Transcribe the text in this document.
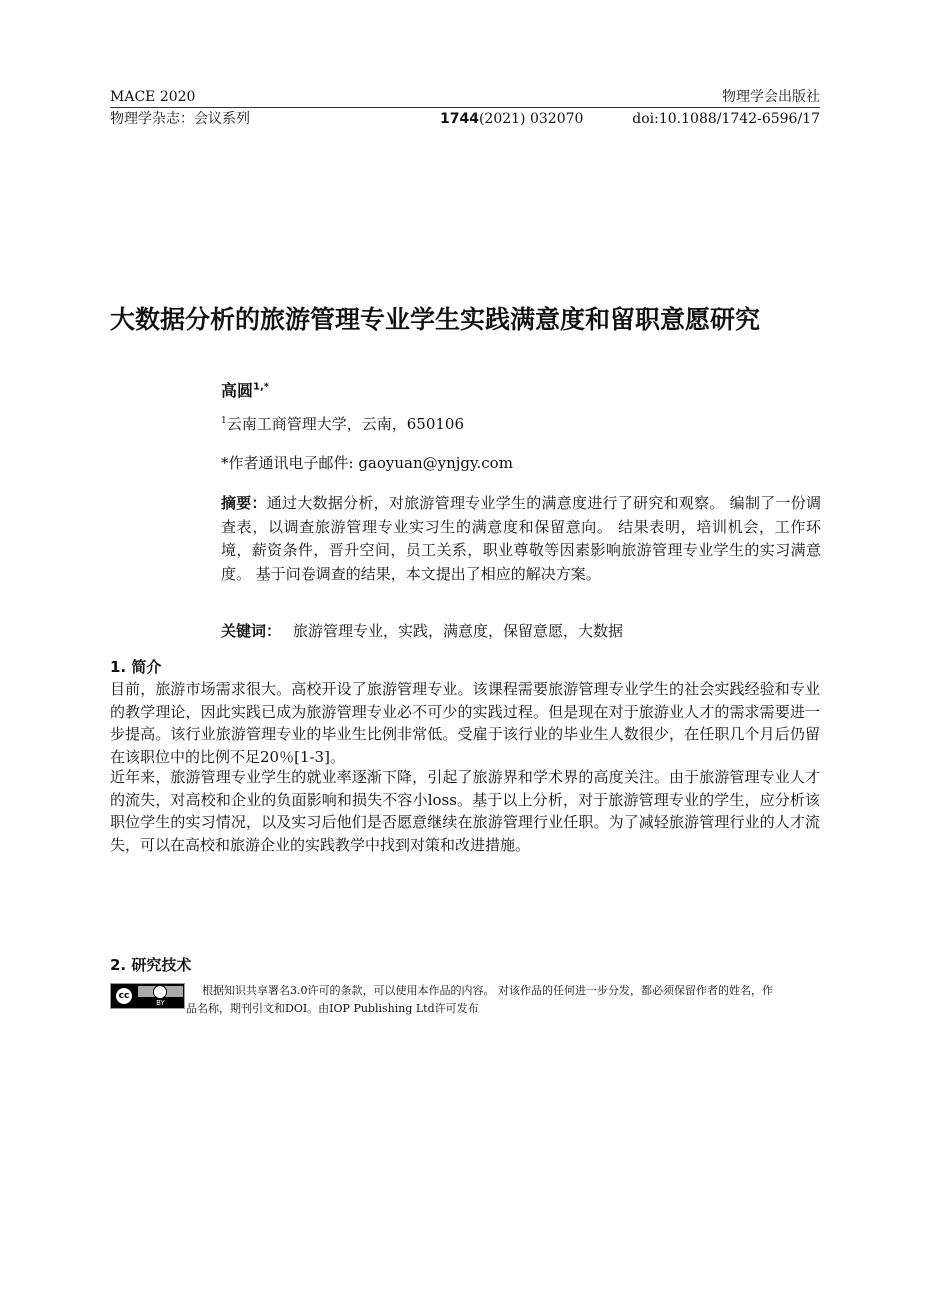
MACE 2020	物理学会出版社
物理学杂志：会议系列	1744(2021) 032070	doi:10.1088/1742-6596/17
大数据分析的旅游管理专业学生实践满意度和留职意愿研究
高圆$^{1,*}$
$^1$云南工商管理大学，云南，650106
*作者通讯电子邮件: gaoyuan@ynjgy.com
摘要：通过大数据分析，对旅游管理专业学生的满意度进行了研究和观察。 编制了一份调查表，以调查旅游管理专业实习生的满意度和保留意向。 结果表明，培训机会，工作环境，薪资条件，晋升空间，员工关系，职业尊敬等因素影响旅游管理专业学生的实习满意度。 基于问卷调查的结果，本文提出了相应的解决方案。
关键词： 旅游管理专业，实践，满意度，保留意愿，大数据
1. 简介
目前，旅游市场需求很大。高校开设了旅游管理专业。该课程需要旅游管理专业学生的社会实践经验和专业的教学理论，因此实践已成为旅游管理专业必不可少的实践过程。但是现在对于旅游业人才的需求需要进一步提高。该行业旅游管理专业的毕业生比例非常低。受雇于该行业的毕业生人数很少，在任职几个月后仍留在该职位中的比例不足20％[1-3]。
近年来，旅游管理专业学生的就业率逐渐下降，引起了旅游界和学术界的高度关注。由于旅游管理专业人才的流失，对高校和企业的负面影响和损失不容小loss。基于以上分析，对于旅游管理专业的学生，应分析该职位学生的实习情况，以及实习后他们是否愿意继续在旅游管理行业任职。为了减轻旅游管理行业的人才流失，可以在高校和旅游企业的实践教学中找到对策和改进措施。
2. 研究技术
cc
BY
根据知识共享署名3.0许可的条款，可以使用本作品的内容。 对该作品的任何进一步分发，都必须保留作者的姓名，作
品名称，期刊引文和DOI。由IOP Publishing Ltd许可发布
